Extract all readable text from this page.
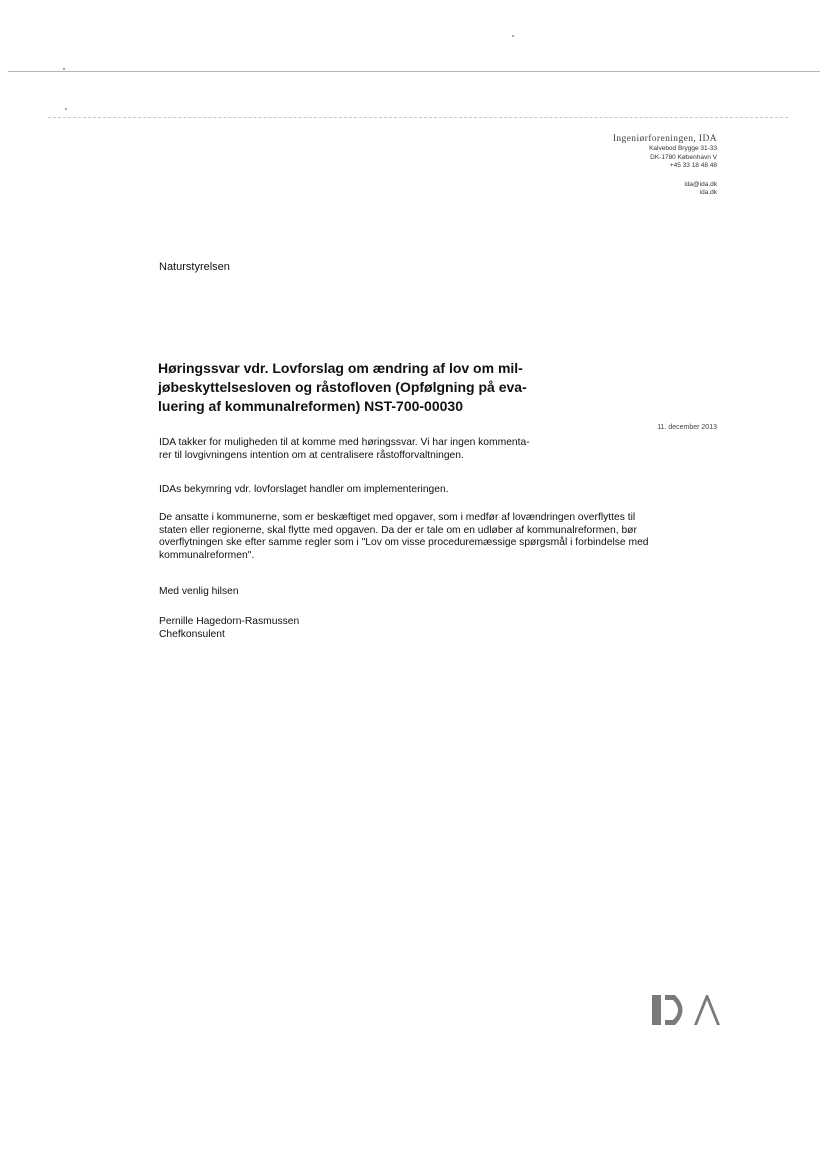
Ingeniørforeningen, IDA
Kalvebod Brygge 31-33
DK-1780 København V
+45 33 18 48 48
ida@ida.dk
ida.dk
Naturstyrelsen
Høringssvar vdr. Lovforslag om ændring af lov om mil-
jøbeskyttelsesloven og råstofloven (Opfølgning på eva-
luering af kommunalreformen) NST-700-00030
11. december 2013
IDA takker for muligheden til at komme med høringssvar. Vi har ingen kommenta-
rer til lovgivningens intention om at centralisere råstofforvaltningen.
IDAs bekymring vdr. lovforslaget handler om implementeringen.
De ansatte i kommunerne, som er beskæftiget med opgaver, som i medfør af lovændringen overflyttes til
staten eller regionerne, skal flytte med opgaven. Da der er tale om en udløber af kommunalreformen, bør
overflytningen ske efter samme regler som i "Lov om visse proceduremæssige spørgsmål i forbindelse med
kommunalreformen".
Med venlig hilsen
Pernille Hagedorn-Rasmussen
Chefkonsulent
